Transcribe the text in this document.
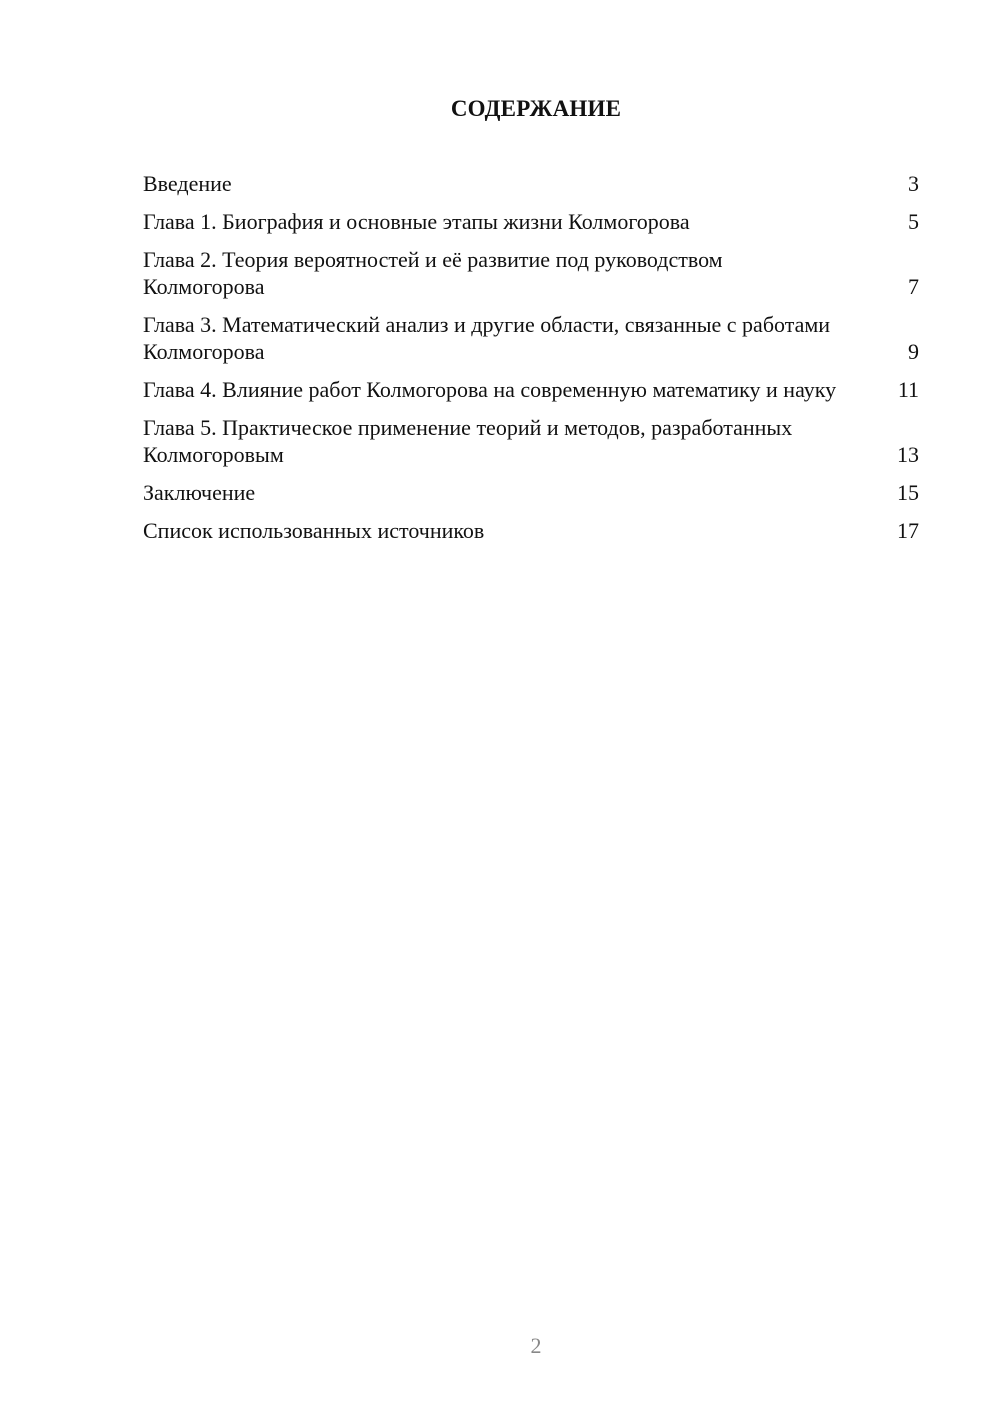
СОДЕРЖАНИЕ
Введение	3
Глава 1. Биография и основные этапы жизни Колмогорова	5
Глава 2. Теория вероятностей и её развитие под руководством Колмогорова	7
Глава 3. Математический анализ и другие области, связанные с работами Колмогорова	9
Глава 4. Влияние работ Колмогорова на современную математику и науку	11
Глава 5. Практическое применение теорий и методов, разработанных Колмогоровым	13
Заключение	15
Список использованных источников	17
2
